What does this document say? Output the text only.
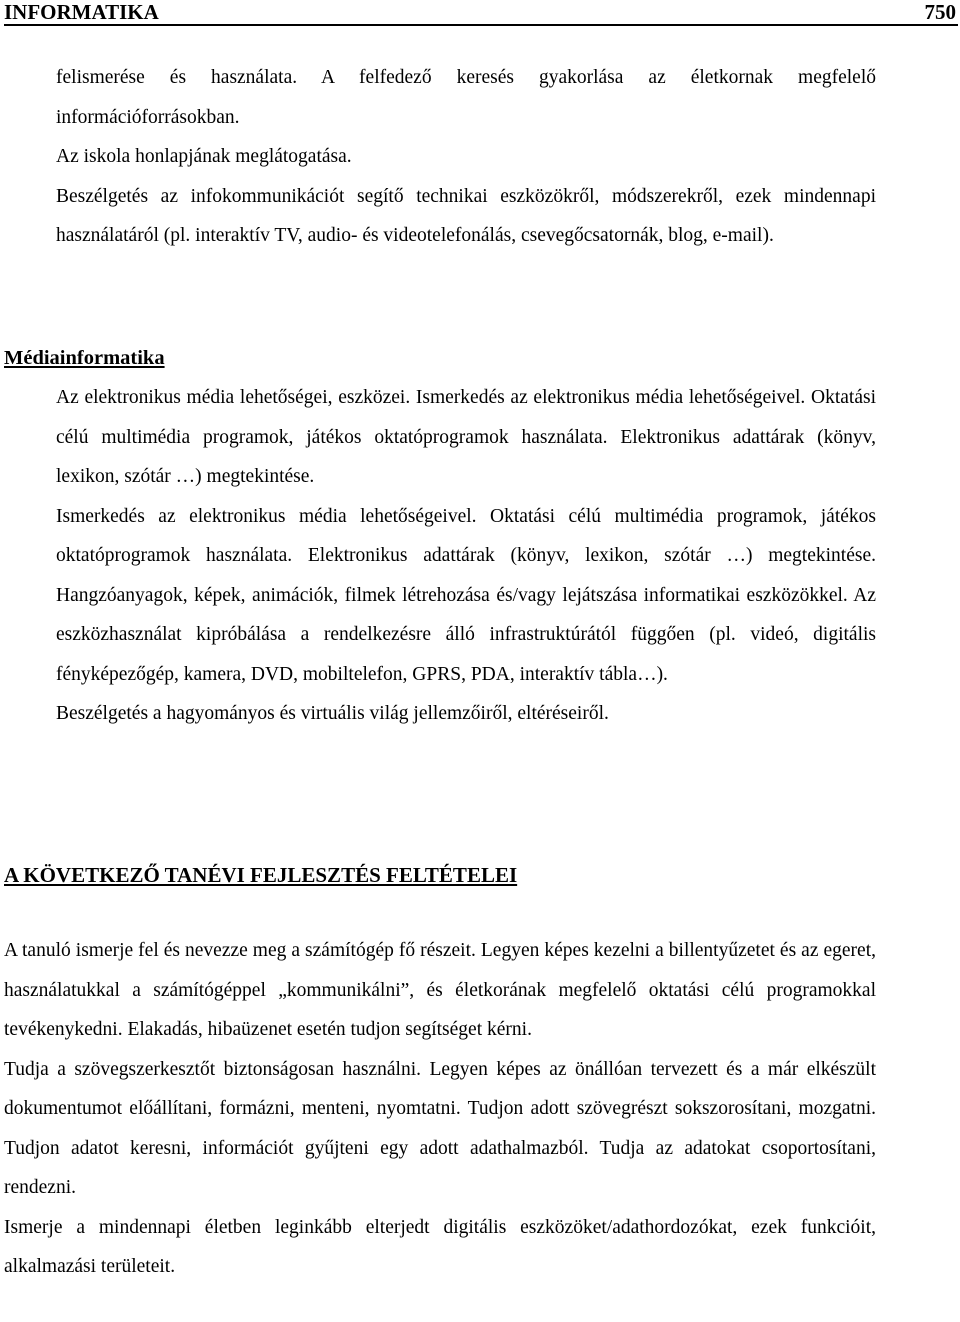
INFORMATIKA	750

felismerése és használata. A felfedező keresés gyakorlása az életkornak megfelelő információforrásokban.

Az iskola honlapjának meglátogatása.

Beszélgetés az infokommunikációt segítő technikai eszközökről, módszerekről, ezek mindennapi használatáról (pl. interaktív TV, audio- és videotelefonálás, csevegőcsatornák, blog, e-mail).

Médiainformatika

Az elektronikus média lehetőségei, eszközei. Ismerkedés az elektronikus média lehetőségeivel. Oktatási célú multimédia programok, játékos oktatóprogramok használata. Elektronikus adattárak (könyv, lexikon, szótár …) megtekintése.

Ismerkedés az elektronikus média lehetőségeivel. Oktatási célú multimédia programok, játékos oktatóprogramok használata. Elektronikus adattárak (könyv, lexikon, szótár …) megtekintése. Hangzóanyagok, képek, animációk, filmek létrehozása és/vagy lejátszása informatikai eszközökkel. Az eszközhasználat kipróbálása a rendelkezésre álló infrastruktúrától függően (pl. videó, digitális fényképezőgép, kamera, DVD, mobiltelefon, GPRS, PDA, interaktív tábla…).

Beszélgetés a hagyományos és virtuális világ jellemzőiről, eltéréseiről.

A KÖVETKEZŐ TANÉVI FEJLESZTÉS FELTÉTELEI

A tanuló ismerje fel és nevezze meg a számítógép fő részeit. Legyen képes kezelni a billentyűzetet és az egeret, használatukkal a számítógéppel „kommunikálni”, és életkorának megfelelő oktatási célú programokkal tevékenykedni. Elakadás, hibaüzenet esetén tudjon segítséget kérni.

Tudja a szövegszerkesztőt biztonságosan használni. Legyen képes az önállóan tervezett és a már elkészült dokumentumot előállítani, formázni, menteni, nyomtatni. Tudjon adott szövegrészt sokszorosítani, mozgatni. Tudjon adatot keresni, információt gyűjteni egy adott adathalmazból. Tudja az adatokat csoportosítani, rendezni.

Ismerje a mindennapi életben leginkább elterjedt digitális eszközöket/adathordozókat, ezek funkcióit, alkalmazási területeit.
